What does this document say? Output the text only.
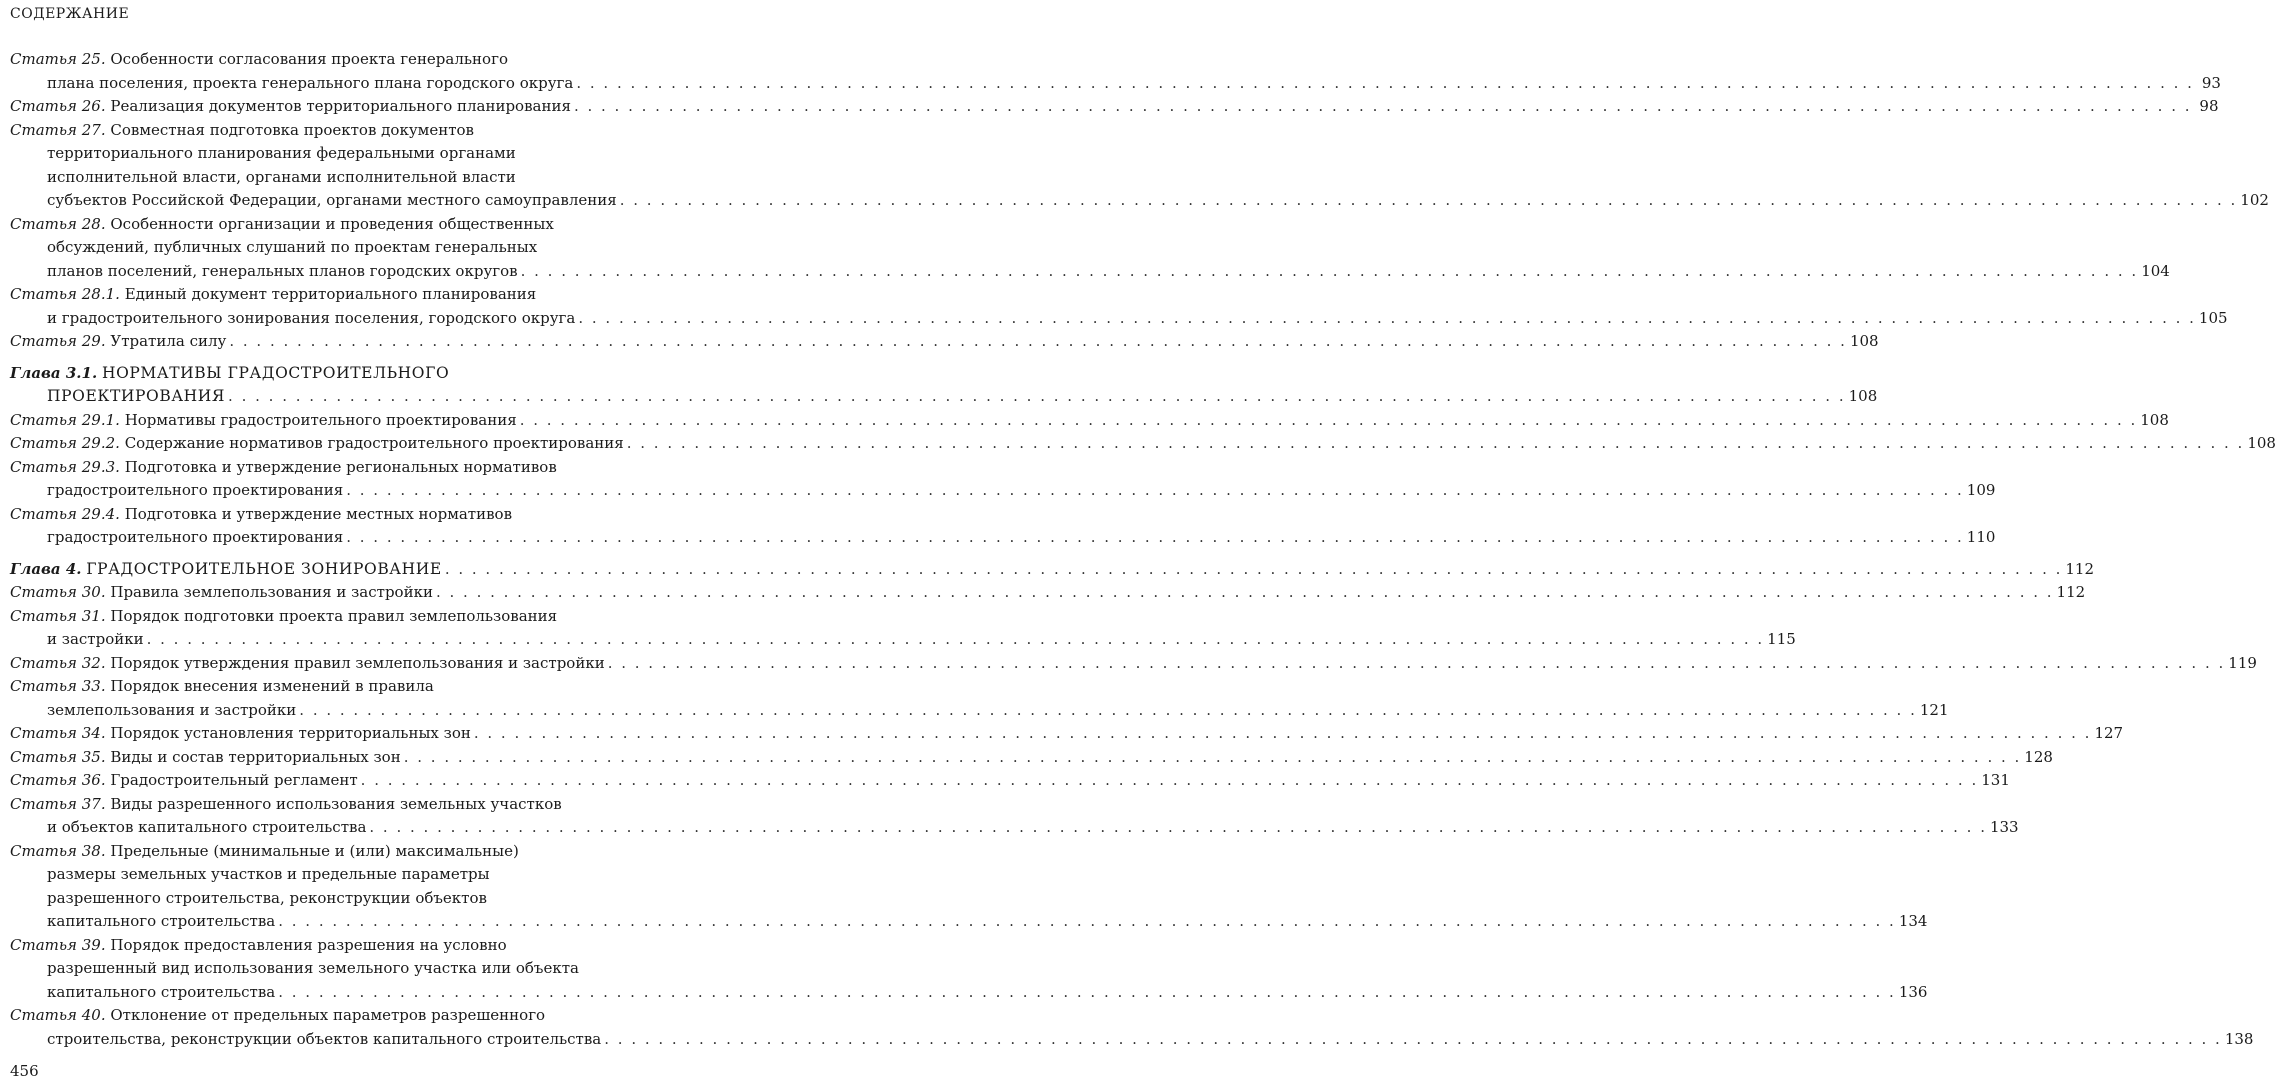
СОДЕРЖАНИЕ
Статья 25. Особенности согласования проекта генерального
плана поселения, проекта генерального плана городского округа . . . . . . . . . . . . . . . . . . . . . . . . . . . . . . . . . . . . . . . . . . . . . . . . . . . . . . . . . . . . . . . . . . . . . . . . . . . . . . . . . . . . . . . . . . . . . . . . . . . . . . . . . . . . . . . . . . . . . . . . 93
Статья 26. Реализация документов территориального планирования . . . . . . . . . . . . . . . . . . . . . . . . . . . . . . . . . . . . . . . . . . . . . . . . . . . . . . . . . . . . . . . . . . . . . . . . . . . . . . . . . . . . . . . . . . . . . . . . . . . . . . . . . . . . . . . . . . . . . . . . 98
Статья 27. Совместная подготовка проектов документов
территориального планирования федеральными органами
исполнительной власти, органами исполнительной власти
субъектов Российской Федерации, органами местного самоуправления . . . . . . . . . . . . . . . . . . . . . . . . . . . . . . . . . . . . . . . . . . . . . . . . . . . . . . . . . . . . . . . . . . . . . . . . . . . . . . . . . . . . . . . . . . . . . . . . . . . . . . . . . . . . . . . . . . . . . . . . 102
Статья 28. Особенности организации и проведения общественных
обсуждений, публичных слушаний по проектам генеральных
планов поселений, генеральных планов городских округов . . . . . . . . . . . . . . . . . . . . . . . . . . . . . . . . . . . . . . . . . . . . . . . . . . . . . . . . . . . . . . . . . . . . . . . . . . . . . . . . . . . . . . . . . . . . . . . . . . . . . . . . . . . . . . . . . . . . . . . . 104
Статья 28.1. Единый документ территориального планирования
и градостроительного зонирования поселения, городского округа . . . . . . . . . . . . . . . . . . . . . . . . . . . . . . . . . . . . . . . . . . . . . . . . . . . . . . . . . . . . . . . . . . . . . . . . . . . . . . . . . . . . . . . . . . . . . . . . . . . . . . . . . . . . . . . . . . . . . . . . 105
Статья 29. Утратила силу . . . . . . . . . . . . . . . . . . . . . . . . . . . . . . . . . . . . . . . . . . . . . . . . . . . . . . . . . . . . . . . . . . . . . . . . . . . . . . . . . . . . . . . . . . . . . . . . . . . . . . . . . . . . . . . . . . . . . . . . 108
Глава 3.1. НОРМАТИВЫ ГРАДОСТРОИТЕЛЬНОГО
ПРОЕКТИРОВАНИЯ . . . . . . . . . . . . . . . . . . . . . . . . . . . . . . . . . . . . . . . . . . . . . . . . . . . . . . . . . . . . . . . . . . . . . . . . . . . . . . . . . . . . . . . . . . . . . . . . . . . . . . . . . . . . . . . . . . . . . . . . 108
Статья 29.1. Нормативы градостроительного проектирования . . . . . . . . . . . . . . . . . . . . . . . . . . . . . . . . . . . . . . . . . . . . . . . . . . . . . . . . . . . . . . . . . . . . . . . . . . . . . . . . . . . . . . . . . . . . . . . . . . . . . . . . . . . . . . . . . . . . . . . . 108
Статья 29.2. Содержание нормативов градостроительного проектирования . . . . . . . . . . . . . . . . . . . . . . . . . . . . . . . . . . . . . . . . . . . . . . . . . . . . . . . . . . . . . . . . . . . . . . . . . . . . . . . . . . . . . . . . . . . . . . . . . . . . . . . . . . . . . . . . . . . . . . . . 108
Статья 29.3. Подготовка и утверждение региональных нормативов
градостроительного проектирования . . . . . . . . . . . . . . . . . . . . . . . . . . . . . . . . . . . . . . . . . . . . . . . . . . . . . . . . . . . . . . . . . . . . . . . . . . . . . . . . . . . . . . . . . . . . . . . . . . . . . . . . . . . . . . . . . . . . . . . . 109
Статья 29.4. Подготовка и утверждение местных нормативов
градостроительного проектирования . . . . . . . . . . . . . . . . . . . . . . . . . . . . . . . . . . . . . . . . . . . . . . . . . . . . . . . . . . . . . . . . . . . . . . . . . . . . . . . . . . . . . . . . . . . . . . . . . . . . . . . . . . . . . . . . . . . . . . . . 110
Глава 4. ГРАДОСТРОИТЕЛЬНОЕ ЗОНИРОВАНИЕ . . . . . . . . . . . . . . . . . . . . . . . . . . . . . . . . . . . . . . . . . . . . . . . . . . . . . . . . . . . . . . . . . . . . . . . . . . . . . . . . . . . . . . . . . . . . . . . . . . . . . . . . . . . . . . . . . . . . . . . . 112
Статья 30. Правила землепользования и застройки . . . . . . . . . . . . . . . . . . . . . . . . . . . . . . . . . . . . . . . . . . . . . . . . . . . . . . . . . . . . . . . . . . . . . . . . . . . . . . . . . . . . . . . . . . . . . . . . . . . . . . . . . . . . . . . . . . . . . . . . 112
Статья 31. Порядок подготовки проекта правил землепользования
и застройки . . . . . . . . . . . . . . . . . . . . . . . . . . . . . . . . . . . . . . . . . . . . . . . . . . . . . . . . . . . . . . . . . . . . . . . . . . . . . . . . . . . . . . . . . . . . . . . . . . . . . . . . . . . . . . . . . . . . . . . . 115
Статья 32. Порядок утверждения правил землепользования и застройки . . . . . . . . . . . . . . . . . . . . . . . . . . . . . . . . . . . . . . . . . . . . . . . . . . . . . . . . . . . . . . . . . . . . . . . . . . . . . . . . . . . . . . . . . . . . . . . . . . . . . . . . . . . . . . . . . . . . . . . . 119
Статья 33. Порядок внесения изменений в правила
землепользования и застройки . . . . . . . . . . . . . . . . . . . . . . . . . . . . . . . . . . . . . . . . . . . . . . . . . . . . . . . . . . . . . . . . . . . . . . . . . . . . . . . . . . . . . . . . . . . . . . . . . . . . . . . . . . . . . . . . . . . . . . . . 121
Статья 34. Порядок установления территориальных зон . . . . . . . . . . . . . . . . . . . . . . . . . . . . . . . . . . . . . . . . . . . . . . . . . . . . . . . . . . . . . . . . . . . . . . . . . . . . . . . . . . . . . . . . . . . . . . . . . . . . . . . . . . . . . . . . . . . . . . . . 127
Статья 35. Виды и состав территориальных зон . . . . . . . . . . . . . . . . . . . . . . . . . . . . . . . . . . . . . . . . . . . . . . . . . . . . . . . . . . . . . . . . . . . . . . . . . . . . . . . . . . . . . . . . . . . . . . . . . . . . . . . . . . . . . . . . . . . . . . . . 128
Статья 36. Градостроительный регламент . . . . . . . . . . . . . . . . . . . . . . . . . . . . . . . . . . . . . . . . . . . . . . . . . . . . . . . . . . . . . . . . . . . . . . . . . . . . . . . . . . . . . . . . . . . . . . . . . . . . . . . . . . . . . . . . . . . . . . . . 131
Статья 37. Виды разрешенного использования земельных участков
и объектов капитального строительства . . . . . . . . . . . . . . . . . . . . . . . . . . . . . . . . . . . . . . . . . . . . . . . . . . . . . . . . . . . . . . . . . . . . . . . . . . . . . . . . . . . . . . . . . . . . . . . . . . . . . . . . . . . . . . . . . . . . . . . . 133
Статья 38. Предельные (минимальные и (или) максимальные)
размеры земельных участков и предельные параметры
разрешенного строительства, реконструкции объектов
капитального строительства . . . . . . . . . . . . . . . . . . . . . . . . . . . . . . . . . . . . . . . . . . . . . . . . . . . . . . . . . . . . . . . . . . . . . . . . . . . . . . . . . . . . . . . . . . . . . . . . . . . . . . . . . . . . . . . . . . . . . . . . 134
Статья 39. Порядок предоставления разрешения на условно
разрешенный вид использования земельного участка или объекта
капитального строительства . . . . . . . . . . . . . . . . . . . . . . . . . . . . . . . . . . . . . . . . . . . . . . . . . . . . . . . . . . . . . . . . . . . . . . . . . . . . . . . . . . . . . . . . . . . . . . . . . . . . . . . . . . . . . . . . . . . . . . . . 136
Статья 40. Отклонение от предельных параметров разрешенного
строительства, реконструкции объектов капитального строительства . . . . . . . . . . . . . . . . . . . . . . . . . . . . . . . . . . . . . . . . . . . . . . . . . . . . . . . . . . . . . . . . . . . . . . . . . . . . . . . . . . . . . . . . . . . . . . . . . . . . . . . . . . . . . . . . . . . . . . . . 138
456
